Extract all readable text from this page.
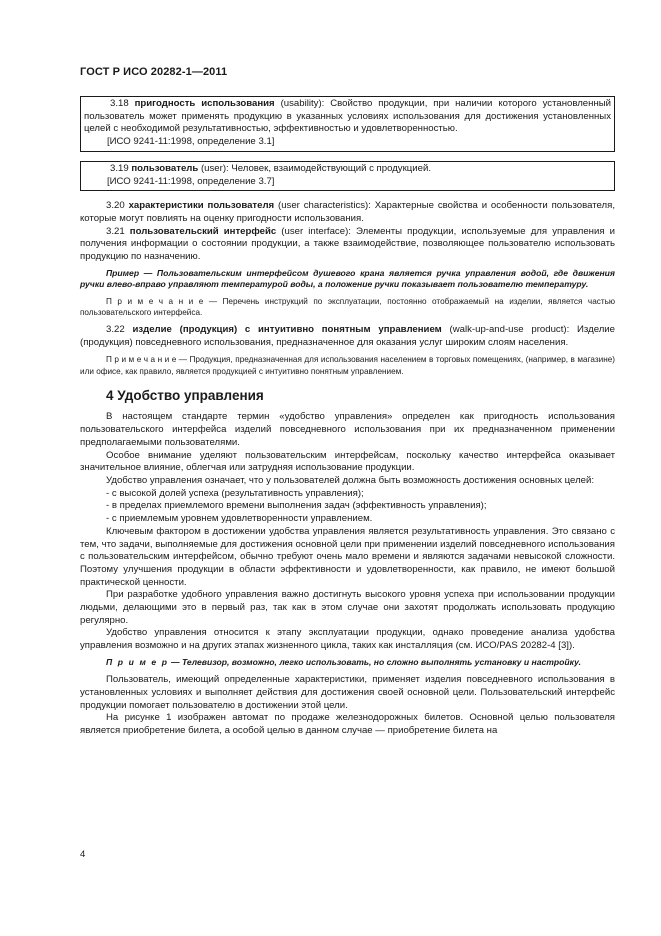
ГОСТ Р ИСО 20282-1—2011

3.18 пригодность использования (usability): Свойство продукции, при наличии которого установленный пользователь может применять продукцию в указанных условиях использования для достижения установленных целей с необходимой результативностью, эффективностью и удовлетворенностью.

[ИСО 9241-11:1998, определение 3.1]

3.19 пользователь (user): Человек, взаимодействующий с продукцией.

[ИСО 9241-11:1998, определение 3.7]

3.20 характеристики пользователя (user characteristics): Характерные свойства и особенности пользователя, которые могут повлиять на оценку пригодности использования.

3.21 пользовательский интерфейс (user interface): Элементы продукции, используемые для управления и получения информации о состоянии продукции, а также взаимодействие, позволяющее пользователю использовать продукцию по назначению.

Пример — Пользовательским интерфейсом душевого крана является ручка управления водой, где движения ручки влево-вправо управляют температурой воды, а положение ручки показывает пользователю температуру.

П р и м е ч а н и е — Перечень инструкций по эксплуатации, постоянно отображаемый на изделии, является частью пользовательского интерфейса.

3.22 изделие (продукция) с интуитивно понятным управлением (walk-up-and-use product): Изделие (продукция) повседневного использования, предназначенное для оказания услуг широким слоям населения.

П р и м е ч а н и е — Продукция, предназначенная для использования населением в торговых помещениях, (например, в магазине) или офисе, как правило, является продукцией с интуитивно понятным управлением.

4 Удобство управления

В настоящем стандарте термин «удобство управления» определен как пригодность использования пользовательского интерфейса изделий повседневного использования при их предназначенном применении предполагаемыми пользователями.

Особое внимание уделяют пользовательским интерфейсам, поскольку качество интерфейса оказывает значительное влияние, облегчая или затрудняя использование продукции.

Удобство управления означает, что у пользователей должна быть возможность достижения основных целей:

- с высокой долей успеха (результативность управления);

- в пределах приемлемого времени выполнения задач (эффективность управления);

- с приемлемым уровнем удовлетворенности управлением.

Ключевым фактором в достижении удобства управления является результативность управления. Это связано с тем, что задачи, выполняемые для достижения основной цели при применении изделий повседневного использования с пользовательским интерфейсом, обычно требуют очень мало времени и являются задачами невысокой сложности. Поэтому улучшения продукции в области эффективности и удовлетворенности, как правило, не имеют большой практической ценности.

При разработке удобного управления важно достигнуть высокого уровня успеха при использовании продукции людьми, делающими это в первый раз, так как в этом случае они захотят продолжать использовать продукцию регулярно.

Удобство управления относится к этапу эксплуатации продукции, однако проведение анализа удобства управления возможно и на других этапах жизненного цикла, таких как инсталляция (см. ИСО/PAS 20282-4 [3]).

П р и м е р — Телевизор, возможно, легко использовать, но сложно выполнять установку и настройку.

Пользователь, имеющий определенные характеристики, применяет изделия повседневного использования в установленных условиях и выполняет действия для достижения своей основной цели. Пользовательский интерфейс продукции помогает пользователю в достижении этой цели.

На рисунке 1 изображен автомат по продаже железнодорожных билетов. Основной целью пользователя является приобретение билета, а особой целью в данном случае — приобретение билета на

4
